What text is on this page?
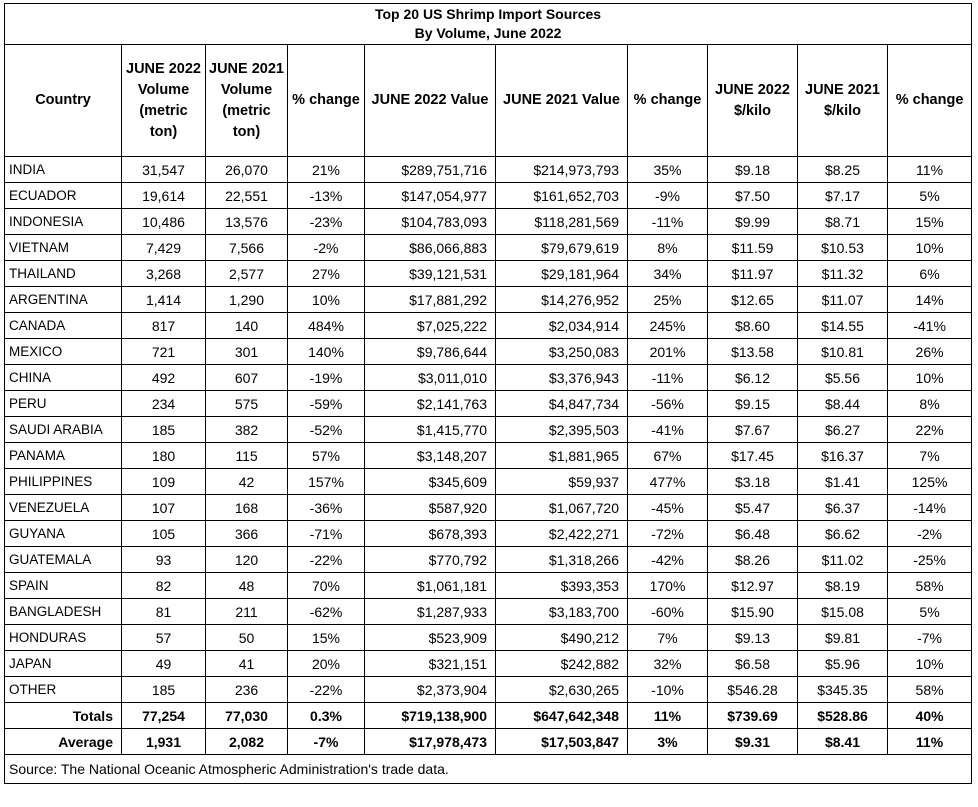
Top 20 US Shrimp Import Sources
By Volume, June 2022									

Country	JUNE 2022 Volume (metric ton)	JUNE 2021 Volume (metric ton)	% change	JUNE 2022 Value	JUNE 2021 Value	% change	JUNE 2022 $/kilo	JUNE 2021 $/kilo	% change
INDIA	31,547	26,070	21%	$289,751,716	$214,973,793	35%	$9.18	$8.25	11%
ECUADOR	19,614	22,551	-13%	$147,054,977	$161,652,703	-9%	$7.50	$7.17	5%
INDONESIA	10,486	13,576	-23%	$104,783,093	$118,281,569	-11%	$9.99	$8.71	15%
VIETNAM	7,429	7,566	-2%	$86,066,883	$79,679,619	8%	$11.59	$10.53	10%
THAILAND	3,268	2,577	27%	$39,121,531	$29,181,964	34%	$11.97	$11.32	6%
ARGENTINA	1,414	1,290	10%	$17,881,292	$14,276,952	25%	$12.65	$11.07	14%
CANADA	817	140	484%	$7,025,222	$2,034,914	245%	$8.60	$14.55	-41%
MEXICO	721	301	140%	$9,786,644	$3,250,083	201%	$13.58	$10.81	26%
CHINA	492	607	-19%	$3,011,010	$3,376,943	-11%	$6.12	$5.56	10%
PERU	234	575	-59%	$2,141,763	$4,847,734	-56%	$9.15	$8.44	8%
SAUDI ARABIA	185	382	-52%	$1,415,770	$2,395,503	-41%	$7.67	$6.27	22%
PANAMA	180	115	57%	$3,148,207	$1,881,965	67%	$17.45	$16.37	7%
PHILIPPINES	109	42	157%	$345,609	$59,937	477%	$3.18	$1.41	125%
VENEZUELA	107	168	-36%	$587,920	$1,067,720	-45%	$5.47	$6.37	-14%
GUYANA	105	366	-71%	$678,393	$2,422,271	-72%	$6.48	$6.62	-2%
GUATEMALA	93	120	-22%	$770,792	$1,318,266	-42%	$8.26	$11.02	-25%
SPAIN	82	48	70%	$1,061,181	$393,353	170%	$12.97	$8.19	58%
BANGLADESH	81	211	-62%	$1,287,933	$3,183,700	-60%	$15.90	$15.08	5%
HONDURAS	57	50	15%	$523,909	$490,212	7%	$9.13	$9.81	-7%
JAPAN	49	41	20%	$321,151	$242,882	32%	$6.58	$5.96	10%
OTHER	185	236	-22%	$2,373,904	$2,630,265	-10%	$546.28	$345.35	58%
Totals	77,254	77,030	0.3%	$719,138,900	$647,642,348	11%	$739.69	$528.86	40%
Average	1,931	2,082	-7%	$17,978,473	$17,503,847	3%	$9.31	$8.41	11%
Source: The National Oceanic Atmospheric Administration's trade data.									
